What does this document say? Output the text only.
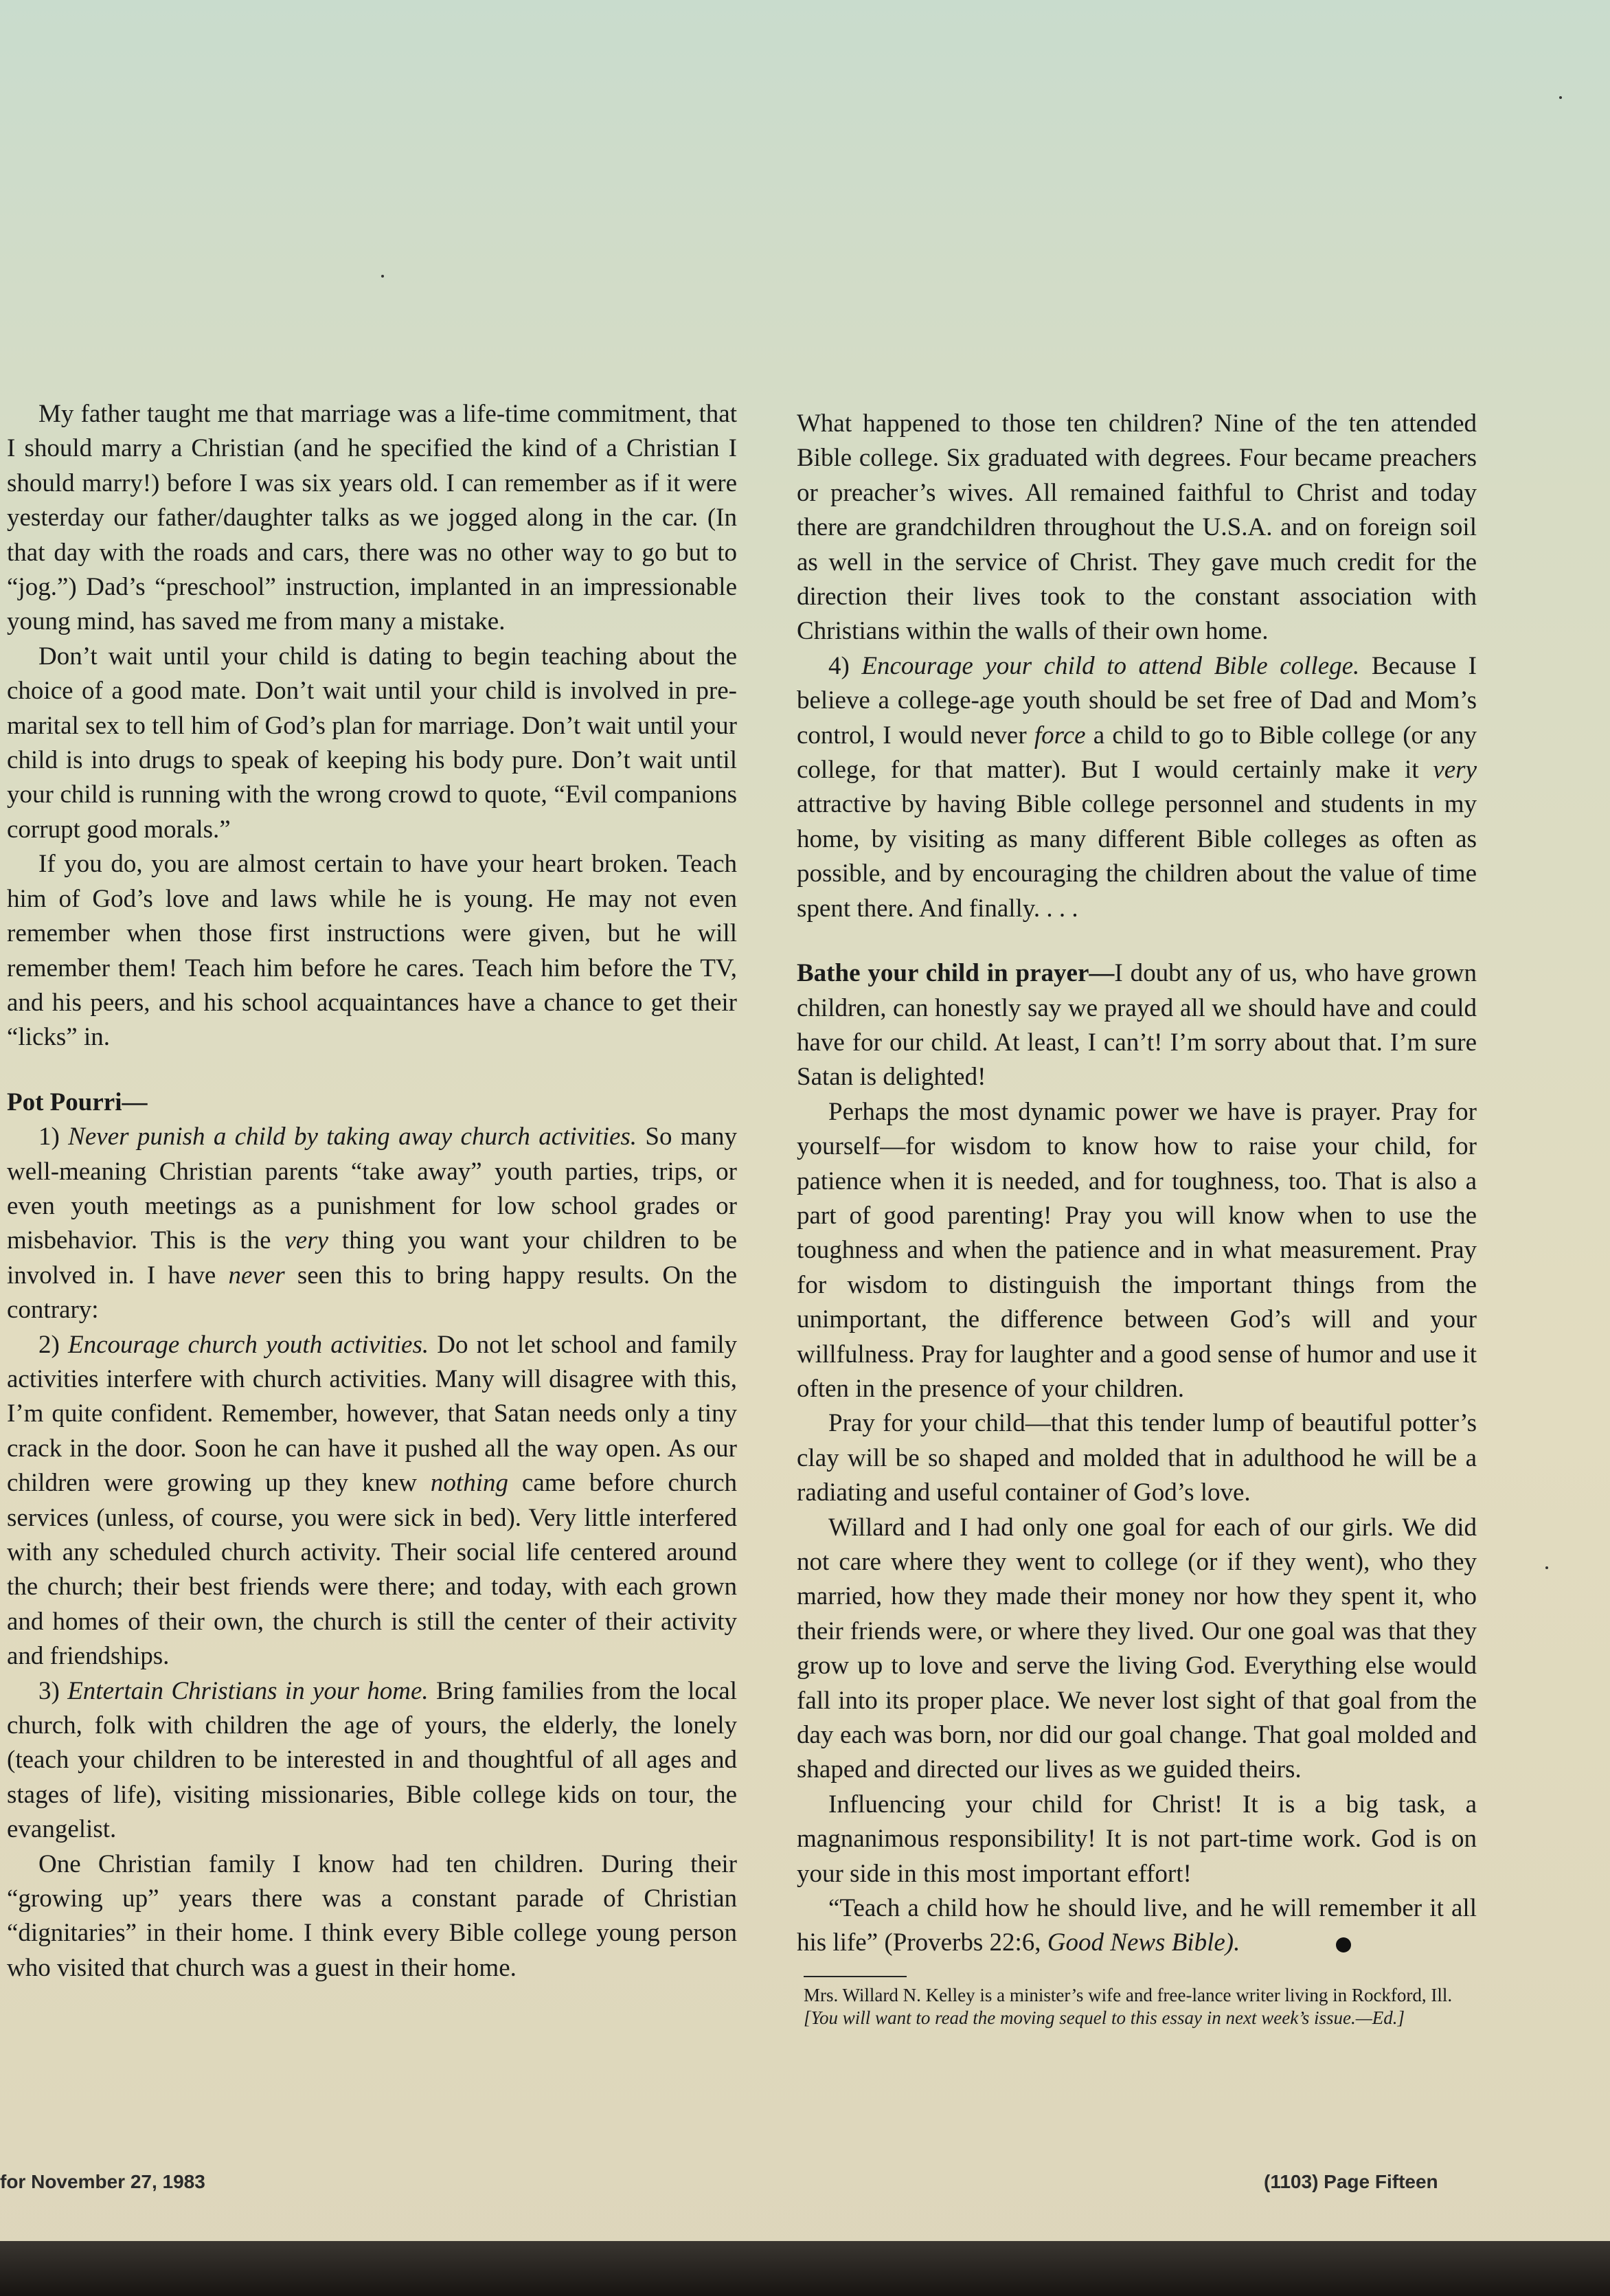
My father taught me that marriage was a life-time commitment, that I should marry a Christian (and he specified the kind of a Christian I should marry!) before I was six years old. I can remember as if it were yesterday our father/daughter talks as we jogged along in the car. (In that day with the roads and cars, there was no other way to go but to “jog.”) Dad’s “preschool” instruction, implanted in an impressionable young mind, has saved me from many a mistake.

Don’t wait until your child is dating to begin teaching about the choice of a good mate. Don’t wait until your child is involved in pre-marital sex to tell him of God’s plan for marriage. Don’t wait until your child is into drugs to speak of keeping his body pure. Don’t wait until your child is running with the wrong crowd to quote, “Evil companions corrupt good morals.”

If you do, you are almost certain to have your heart broken. Teach him of God’s love and laws while he is young. He may not even remember when those first instructions were given, but he will remember them! Teach him before he cares. Teach him before the TV, and his peers, and his school acquaintances have a chance to get their “licks” in.

Pot Pourri—

1) Never punish a child by taking away church activities. So many well-meaning Christian parents “take away” youth parties, trips, or even youth meetings as a punishment for low school grades or misbehavior. This is the very thing you want your children to be involved in. I have never seen this to bring happy results. On the contrary:

2) Encourage church youth activities. Do not let school and family activities interfere with church activities. Many will disagree with this, I’m quite confident. Remember, however, that Satan needs only a tiny crack in the door. Soon he can have it pushed all the way open. As our children were growing up they knew nothing came before church services (unless, of course, you were sick in bed). Very little interfered with any scheduled church activity. Their social life centered around the church; their best friends were there; and today, with each grown and homes of their own, the church is still the center of their activity and friendships.

3) Entertain Christians in your home. Bring families from the local church, folk with children the age of yours, the elderly, the lonely (teach your children to be interested in and thoughtful of all ages and stages of life), visiting missionaries, Bible college kids on tour, the evangelist.

One Christian family I know had ten children. During their “growing up” years there was a constant parade of Christian “dignitaries” in their home. I think every Bible college young person who visited that church was a guest in their home.

What happened to those ten children? Nine of the ten attended Bible college. Six graduated with degrees. Four became preachers or preacher’s wives. All remained faithful to Christ and today there are grandchildren throughout the U.S.A. and on foreign soil as well in the service of Christ. They gave much credit for the direction their lives took to the constant association with Christians within the walls of their own home.

4) Encourage your child to attend Bible college. Because I believe a college-age youth should be set free of Dad and Mom’s control, I would never force a child to go to Bible college (or any college, for that matter). But I would certainly make it very attractive by having Bible college personnel and students in my home, by visiting as many different Bible colleges as often as possible, and by encouraging the children about the value of time spent there. And finally. . . .

Bathe your child in prayer—I doubt any of us, who have grown children, can honestly say we prayed all we should have and could have for our child. At least, I can’t! I’m sorry about that. I’m sure Satan is delighted!

Perhaps the most dynamic power we have is prayer. Pray for yourself—for wisdom to know how to raise your child, for patience when it is needed, and for toughness, too. That is also a part of good parenting! Pray you will know when to use the toughness and when the patience and in what measurement. Pray for wisdom to distinguish the important things from the unimportant, the difference between God’s will and your willfulness. Pray for laughter and a good sense of humor and use it often in the presence of your children.

Pray for your child—that this tender lump of beautiful potter’s clay will be so shaped and molded that in adulthood he will be a radiating and useful container of God’s love.

Willard and I had only one goal for each of our girls. We did not care where they went to college (or if they went), who they married, how they made their money nor how they spent it, who their friends were, or where they lived. Our one goal was that they grow up to love and serve the living God. Everything else would fall into its proper place. We never lost sight of that goal from the day each was born, nor did our goal change. That goal molded and shaped and directed our lives as we guided theirs.

Influencing your child for Christ! It is a big task, a magnanimous responsibility! It is not part-time work. God is on your side in this most important effort!

“Teach a child how he should live, and he will remember it all his life” (Proverbs 22:6, Good News Bible).

Mrs. Willard N. Kelley is a minister’s wife and free-lance writer living in Rockford, Ill.

[You will want to read the moving sequel to this essay in next week’s issue.—Ed.]

for November 27, 1983	(1103) Page Fifteen
